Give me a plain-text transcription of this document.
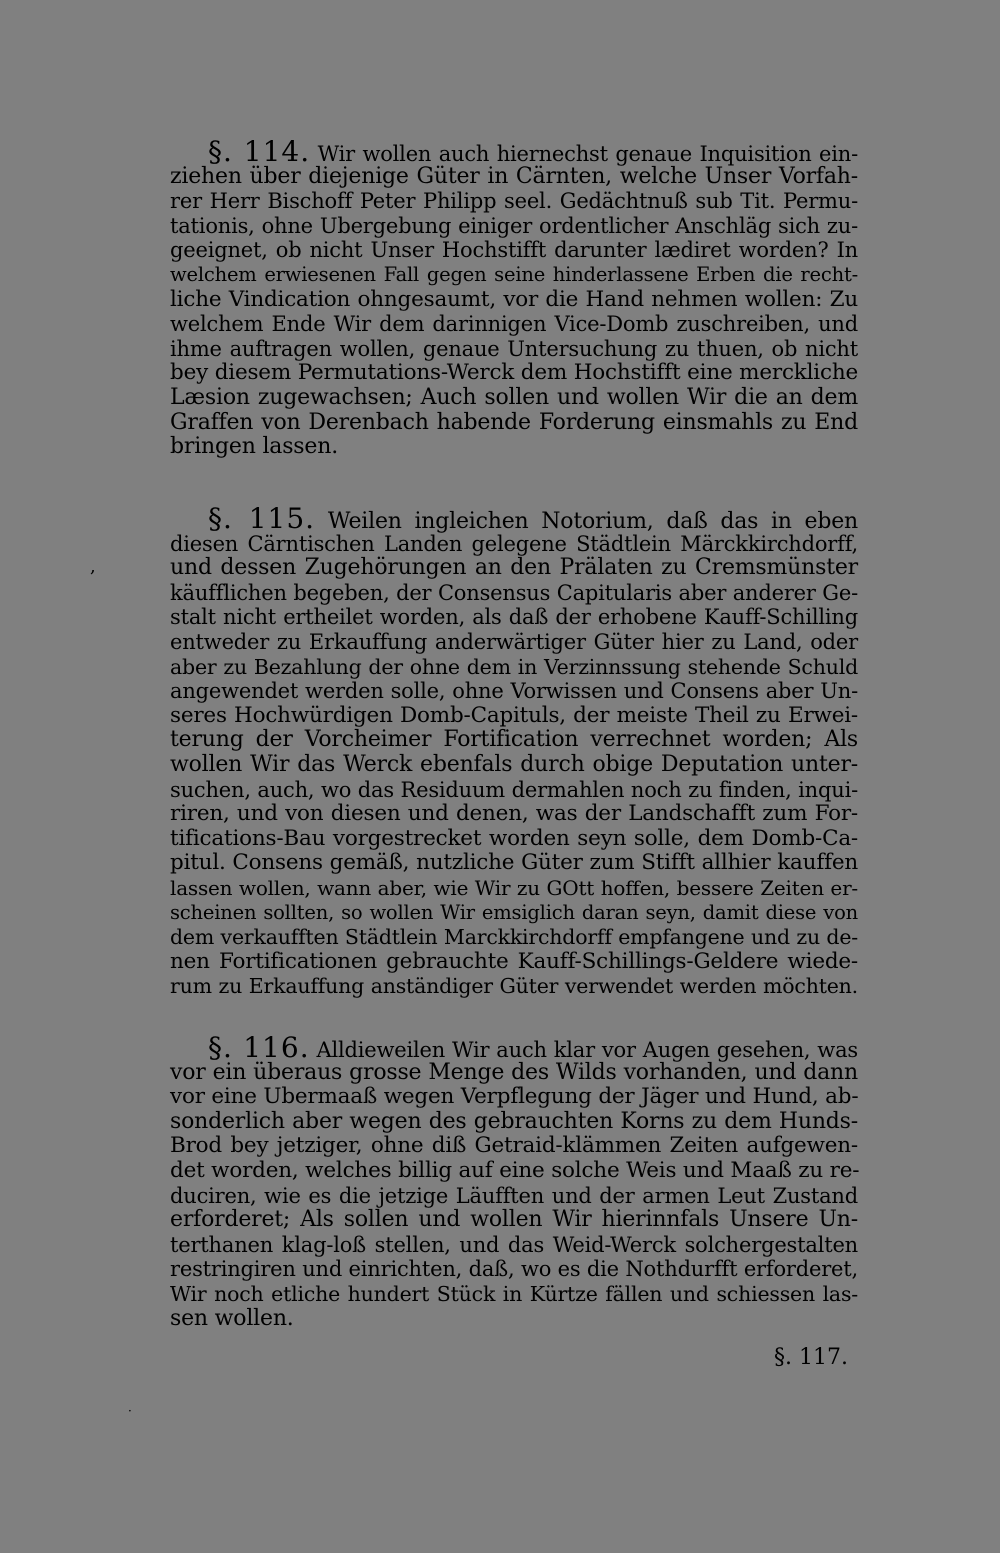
§. 114. Wir wollen auch hiernechst genaue Inquisition ein-
ziehen über diejenige Güter in Cärnten, welche Unser Vorfah-
rer Herr Bischoff Peter Philipp seel. Gedächtnuß sub Tit. Permu-
tationis, ohne Ubergebung einiger ordentlicher Anschläg sich zu-
geeignet, ob nicht Unser Hochstifft darunter lædiret worden? In
welchem erwiesenen Fall gegen seine hinderlassene Erben die recht-
liche Vindication ohngesaumt, vor die Hand nehmen wollen: Zu
welchem Ende Wir dem darinnigen Vice-Domb zuschreiben, und
ihme auftragen wollen, genaue Untersuchung zu thuen, ob nicht
bey diesem Permutations-Werck dem Hochstifft eine merckliche
Læsion zugewachsen; Auch sollen und wollen Wir die an dem
Graffen von Derenbach habende Forderung einsmahls zu End
bringen lassen.
§. 115. Weilen ingleichen Notorium, daß das in eben
diesen Cärntischen Landen gelegene Städtlein Märckkirchdorff,
und dessen Zugehörungen an den Prälaten zu Cremsmünster
käufflichen begeben, der Consensus Capitularis aber anderer Ge-
stalt nicht ertheilet worden, als daß der erhobene Kauff-Schilling
entweder zu Erkauffung anderwärtiger Güter hier zu Land, oder
aber zu Bezahlung der ohne dem in Verzinnssung stehende Schuld
angewendet werden solle, ohne Vorwissen und Consens aber Un-
seres Hochwürdigen Domb-Capituls, der meiste Theil zu Erwei-
terung der Vorcheimer Fortification verrechnet worden; Als
wollen Wir das Werck ebenfals durch obige Deputation unter-
suchen, auch, wo das Residuum dermahlen noch zu finden, inqui-
riren, und von diesen und denen, was der Landschafft zum For-
tifications-Bau vorgestrecket worden seyn solle, dem Domb-Ca-
pitul. Consens gemäß, nutzliche Güter zum Stifft allhier kauffen
lassen wollen, wann aber, wie Wir zu GOtt hoffen, bessere Zeiten er-
scheinen sollten, so wollen Wir emsiglich daran seyn, damit diese von
dem verkaufften Städtlein Marckkirchdorff empfangene und zu de-
nen Fortificationen gebrauchte Kauff-Schillings-Geldere wiede-
rum zu Erkauffung anständiger Güter verwendet werden möchten.
§. 116. Alldieweilen Wir auch klar vor Augen gesehen, was
vor ein überaus grosse Menge des Wilds vorhanden, und dann
vor eine Ubermaaß wegen Verpflegung der Jäger und Hund, ab-
sonderlich aber wegen des gebrauchten Korns zu dem Hunds-
Brod bey jetziger, ohne diß Getraid-klämmen Zeiten aufgewen-
det worden, welches billig auf eine solche Weis und Maaß zu re-
duciren, wie es die jetzige Läufften und der armen Leut Zustand
erforderet; Als sollen und wollen Wir hierinnfals Unsere Un-
terthanen klag-loß stellen, und das Weid-Werck solchergestalten
restringiren und einrichten, daß, wo es die Nothdurfft erforderet,
Wir noch etliche hundert Stück in Kürtze fällen und schiessen las-
sen wollen.
§. 117.
,
·
